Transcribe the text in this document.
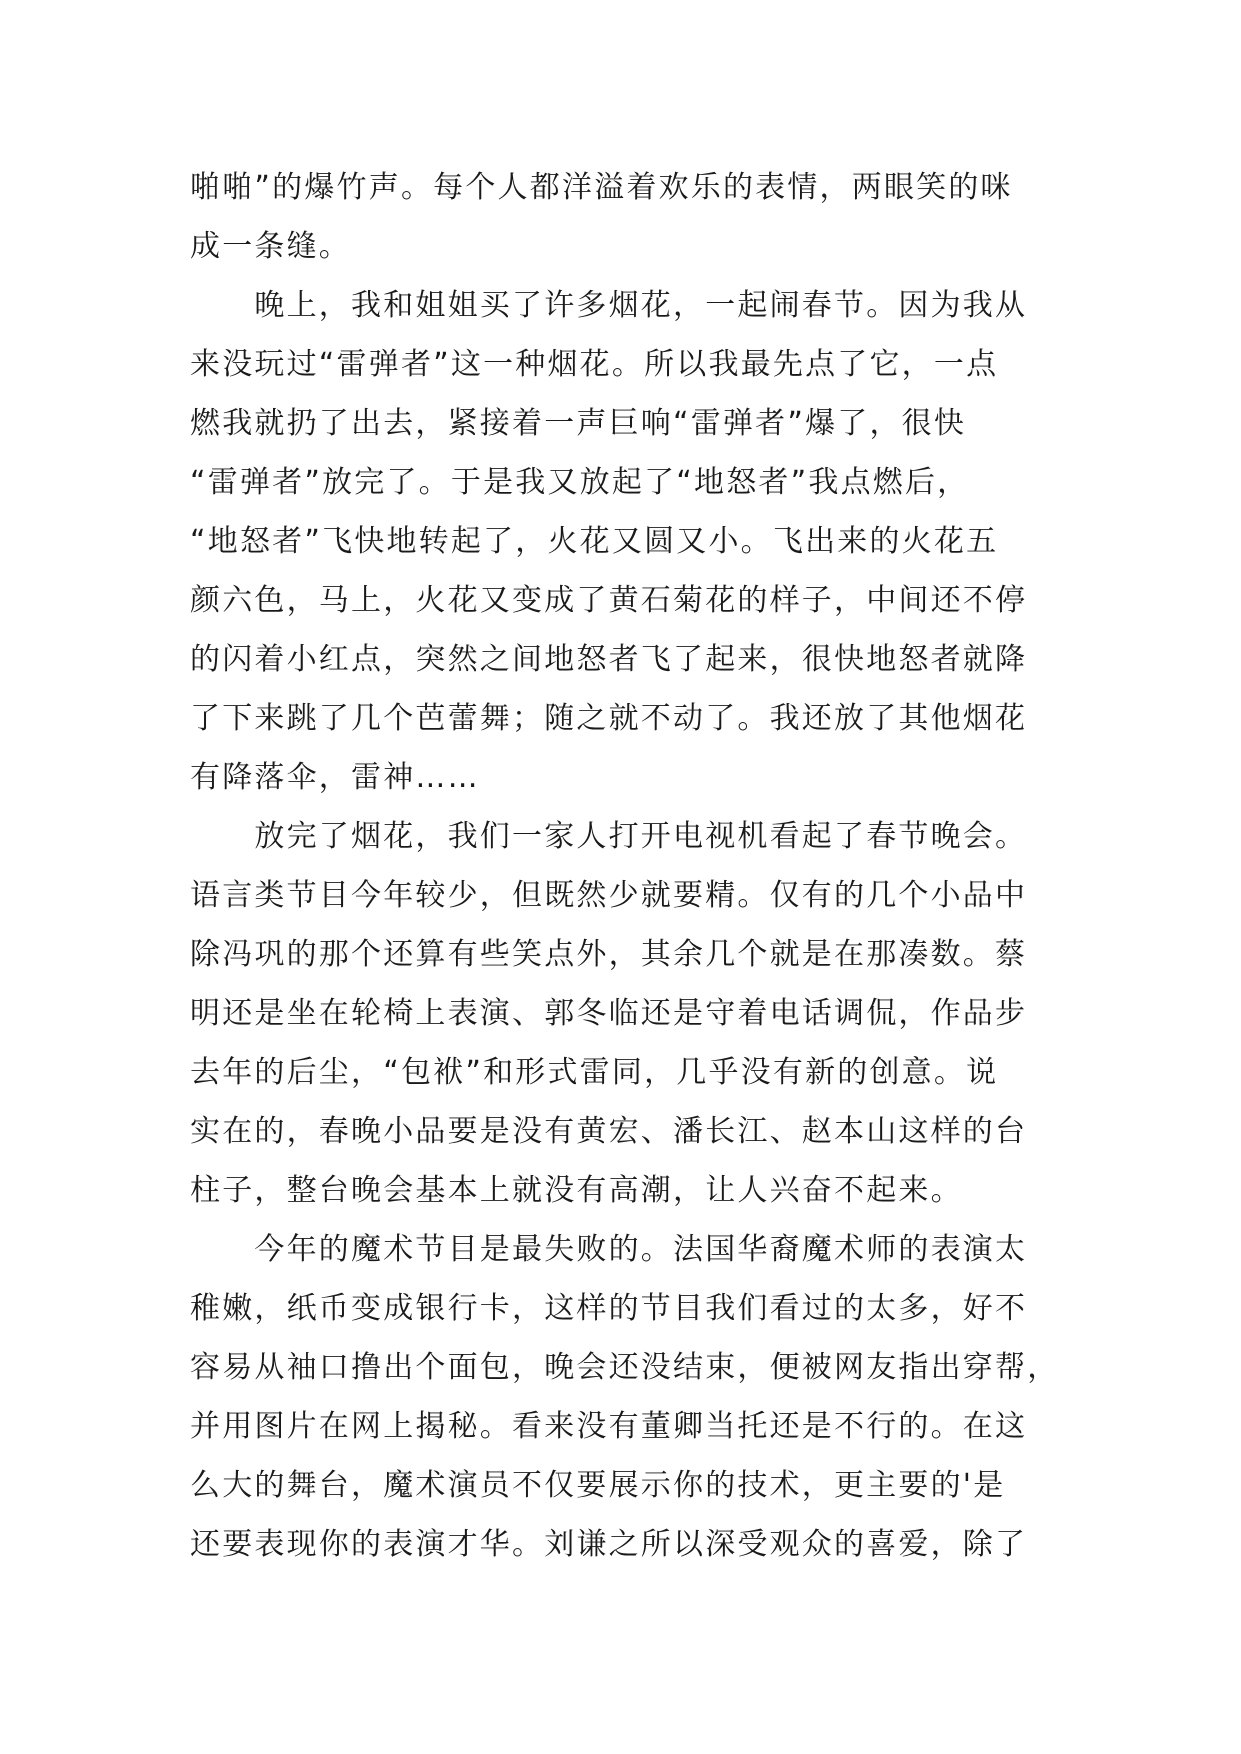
啪啪”的爆竹声。每个人都洋溢着欢乐的表情，两眼笑的咪
成一条缝。
　　晚上，我和姐姐买了许多烟花，一起闹春节。因为我从
来没玩过“雷弹者”这一种烟花。所以我最先点了它，一点
燃我就扔了出去，紧接着一声巨响“雷弹者”爆了，很快
“雷弹者”放完了。于是我又放起了“地怒者”我点燃后，
“地怒者”飞快地转起了，火花又圆又小。飞出来的火花五
颜六色，马上，火花又变成了黄石菊花的样子，中间还不停
的闪着小红点，突然之间地怒者飞了起来，很快地怒者就降
了下来跳了几个芭蕾舞；随之就不动了。我还放了其他烟花
有降落伞，雷神……
　　放完了烟花，我们一家人打开电视机看起了春节晚会。
语言类节目今年较少，但既然少就要精。仅有的几个小品中
除冯巩的那个还算有些笑点外，其余几个就是在那凑数。蔡
明还是坐在轮椅上表演、郭冬临还是守着电话调侃，作品步
去年的后尘，“包袱”和形式雷同，几乎没有新的创意。说
实在的，春晚小品要是没有黄宏、潘长江、赵本山这样的台
柱子，整台晚会基本上就没有高潮，让人兴奋不起来。
　　今年的魔术节目是最失败的。法国华裔魔术师的表演太
稚嫩，纸币变成银行卡，这样的节目我们看过的太多，好不
容易从袖口撸出个面包，晚会还没结束，便被网友指出穿帮，
并用图片在网上揭秘。看来没有董卿当托还是不行的。在这
么大的舞台，魔术演员不仅要展示你的技术，更主要的'是
还要表现你的表演才华。刘谦之所以深受观众的喜爱，除了
